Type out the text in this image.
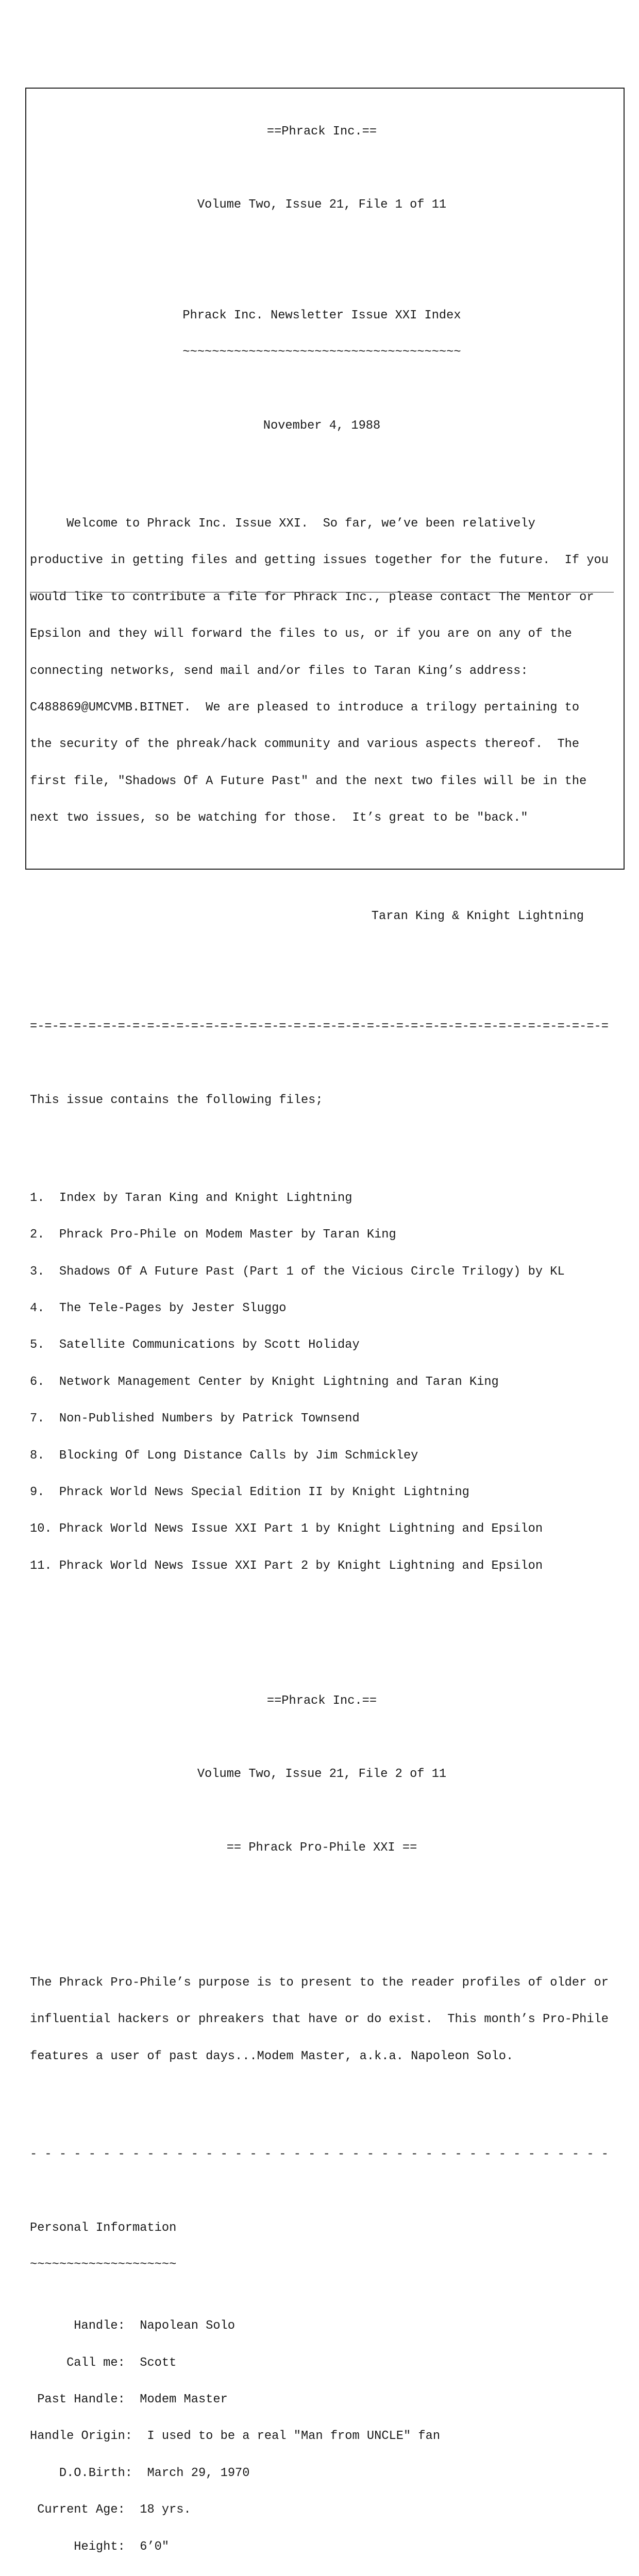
==Phrack Inc.==

Volume Two, Issue 21, File 1 of 11

Phrack Inc. Newsletter Issue XXI Index

~~~~~~~~~~~~~~~~~~~~~~~~~~~~~~~~~~~~~~

November 4, 1988

Welcome to Phrack Inc. Issue XXI.  So far, we’ve been relatively

productive in getting files and getting issues together for the future.  If you

would like to contribute a file for Phrack Inc., please contact The Mentor or

Epsilon and they will forward the files to us, or if you are on any of the

connecting networks, send mail and/or files to Taran King’s address:

C488869@UMCVMB.BITNET.  We are pleased to introduce a trilogy pertaining to

the security of the phreak/hack community and various aspects thereof.  The

first file, "Shadows Of A Future Past" and the next two files will be in the

next two issues, so be watching for those.  It’s great to be "back."

Taran King & Knight Lightning

=-=-=-=-=-=-=-=-=-=-=-=-=-=-=-=-=-=-=-=-=-=-=-=-=-=-=-=-=-=-=-=-=-=-=-=-=-=-=-=

This issue contains the following files;

1.  Index by Taran King and Knight Lightning

2.  Phrack Pro-Phile on Modem Master by Taran King

3.  Shadows Of A Future Past (Part 1 of the Vicious Circle Trilogy) by KL

4.  The Tele-Pages by Jester Sluggo

5.  Satellite Communications by Scott Holiday

6.  Network Management Center by Knight Lightning and Taran King

7.  Non-Published Numbers by Patrick Townsend

8.  Blocking Of Long Distance Calls by Jim Schmickley

9.  Phrack World News Special Edition II by Knight Lightning

10. Phrack World News Issue XXI Part 1 by Knight Lightning and Epsilon

11. Phrack World News Issue XXI Part 2 by Knight Lightning and Epsilon

==Phrack Inc.==

Volume Two, Issue 21, File 2 of 11

== Phrack Pro-Phile XXI ==

The Phrack Pro-Phile’s purpose is to present to the reader profiles of older or

influential hackers or phreakers that have or do exist.  This month’s Pro-Phile

features a user of past days...Modem Master, a.k.a. Napoleon Solo.

- - - - - - - - - - - - - - - - - - - - - - - - - - - - - - - - - - - - - - - -

Personal Information

~~~~~~~~~~~~~~~~~~~~

Handle: Napolean Solo

Call me: Scott

Past Handle: Modem Master

Handle Origin: I used to be a real "Man from UNCLE" fan

D.O.Birth: March 29, 1970

Current Age: 18 yrs.

Height: 6’0"
